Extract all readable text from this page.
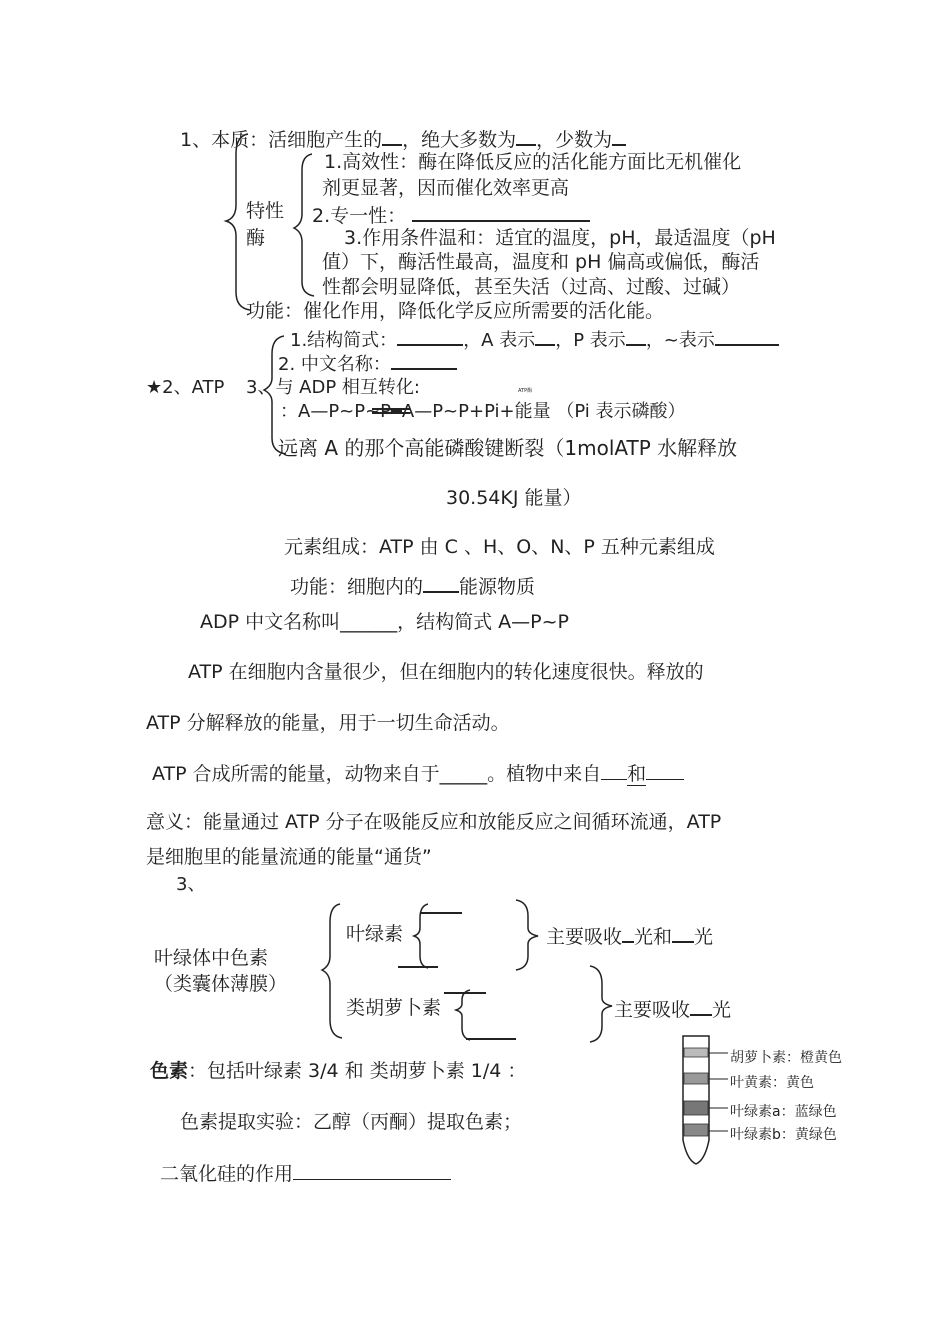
1、本质：活细胞产生的 ，绝大多数为 ，少数为
特性
酶
1.高效性：酶在降低反应的活化能方面比无机催化
剂更显著，因而催化效率更高
2.专一性：
3.作用条件温和：适宜的温度，pH，最适温度（pH
值）下，酶活性最高，温度和 pH 偏高或偏低，酶活
性都会明显降低，甚至失活（过高、过酸、过碱）
功能：催化作用，降低化学反应所需要的活化能。
1.结构简式：	，A 表示 ，P 表示 ，~表示
2. 中文名称：
★2、ATP 3、与 ADP 相互转化:	ATP酶
：A—P~P~P━A—P~P+Pi+能量 （Pi 表示磷酸）
远离 A 的那个高能磷酸键断裂（1molATP 水解释放
30.54KJ 能量）
元素组成：ATP 由 C 、H、O、N、P 五种元素组成
功能：细胞内的 能源物质
ADP 中文名称叫______，结构简式 A—P~P
ATP 在细胞内含量很少，但在细胞内的转化速度很快。释放的
ATP 分解释放的能量，用于一切生命活动。
ATP 合成所需的能量，动物来自于_____。植物中来自 和
意义：能量通过 ATP 分子在吸能反应和放能反应之间循环流通，ATP
是细胞里的能量流通的能量“通货”
3、
叶绿体中色素
（类囊体薄膜）
叶绿素	主要吸收 光和 光
类胡萝卜素	主要吸收 光
色素：包括叶绿素 3/4 和 类胡萝卜素 1/4 ：
色素提取实验：乙醇（丙酮）提取色素；
二氧化硅的作用
胡萝卜素：橙黄色
叶黄素：黄色
叶绿素a：蓝绿色
叶绿素b：黄绿色
